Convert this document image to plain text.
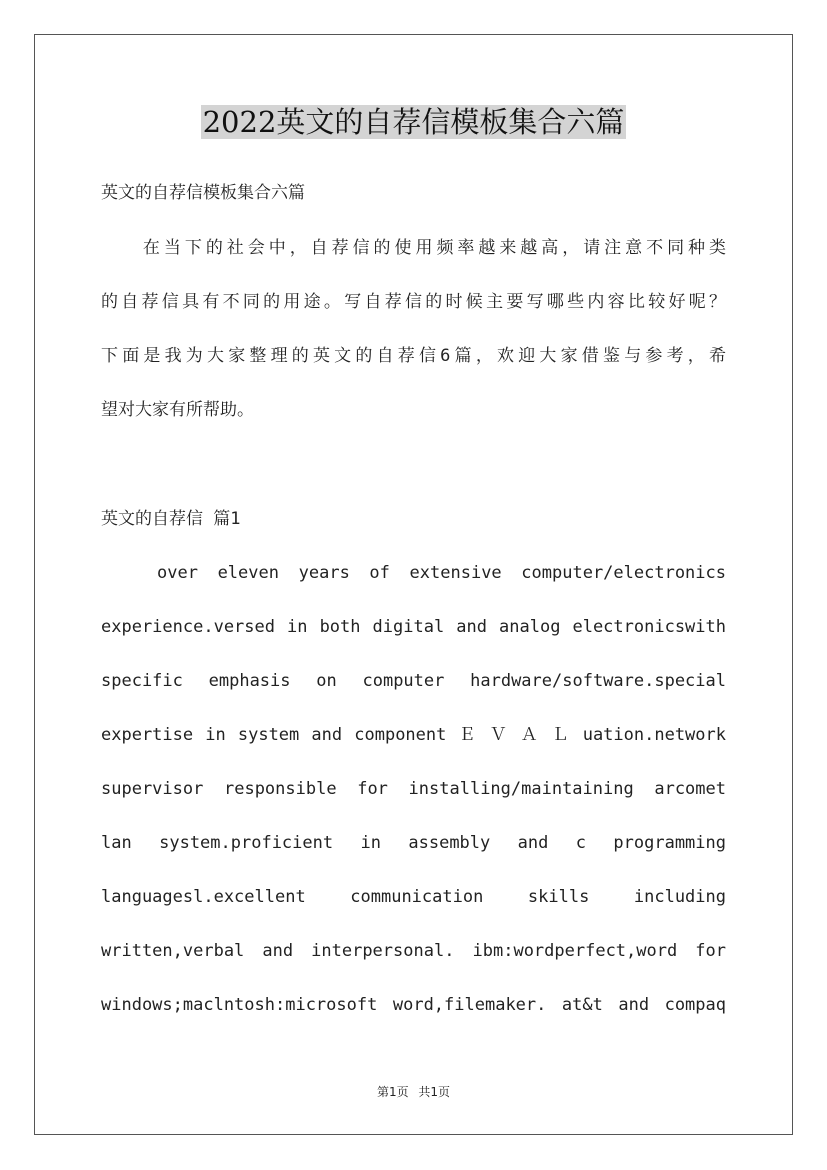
2022英文的自荐信模板集合六篇
英文的自荐信模板集合六篇
　　在当下的社会中，自荐信的使用频率越来越高，请注意不同种类
的自荐信具有不同的用途。写自荐信的时候主要写哪些内容比较好呢？
下面是我为大家整理的英文的自荐信6篇，欢迎大家借鉴与参考，希
望对大家有所帮助。
英文的自荐信 篇1
over eleven years of extensive computer/electronics
experience.versed in both digital and analog electronicswith
specific emphasis on computer hardware/software.special
expertise in system and component Ｅ Ｖ Ａ Ｌ uation.network
supervisor responsible for installing/maintaining arcomet
lan system.proficient in assembly and c programming
languagesl.excellent communication skills including
written,verbal and interpersonal. ibm:wordperfect,word for
windows;maclntosh:microsoft word,filemaker. at&t and compaq
第1页 共1页
